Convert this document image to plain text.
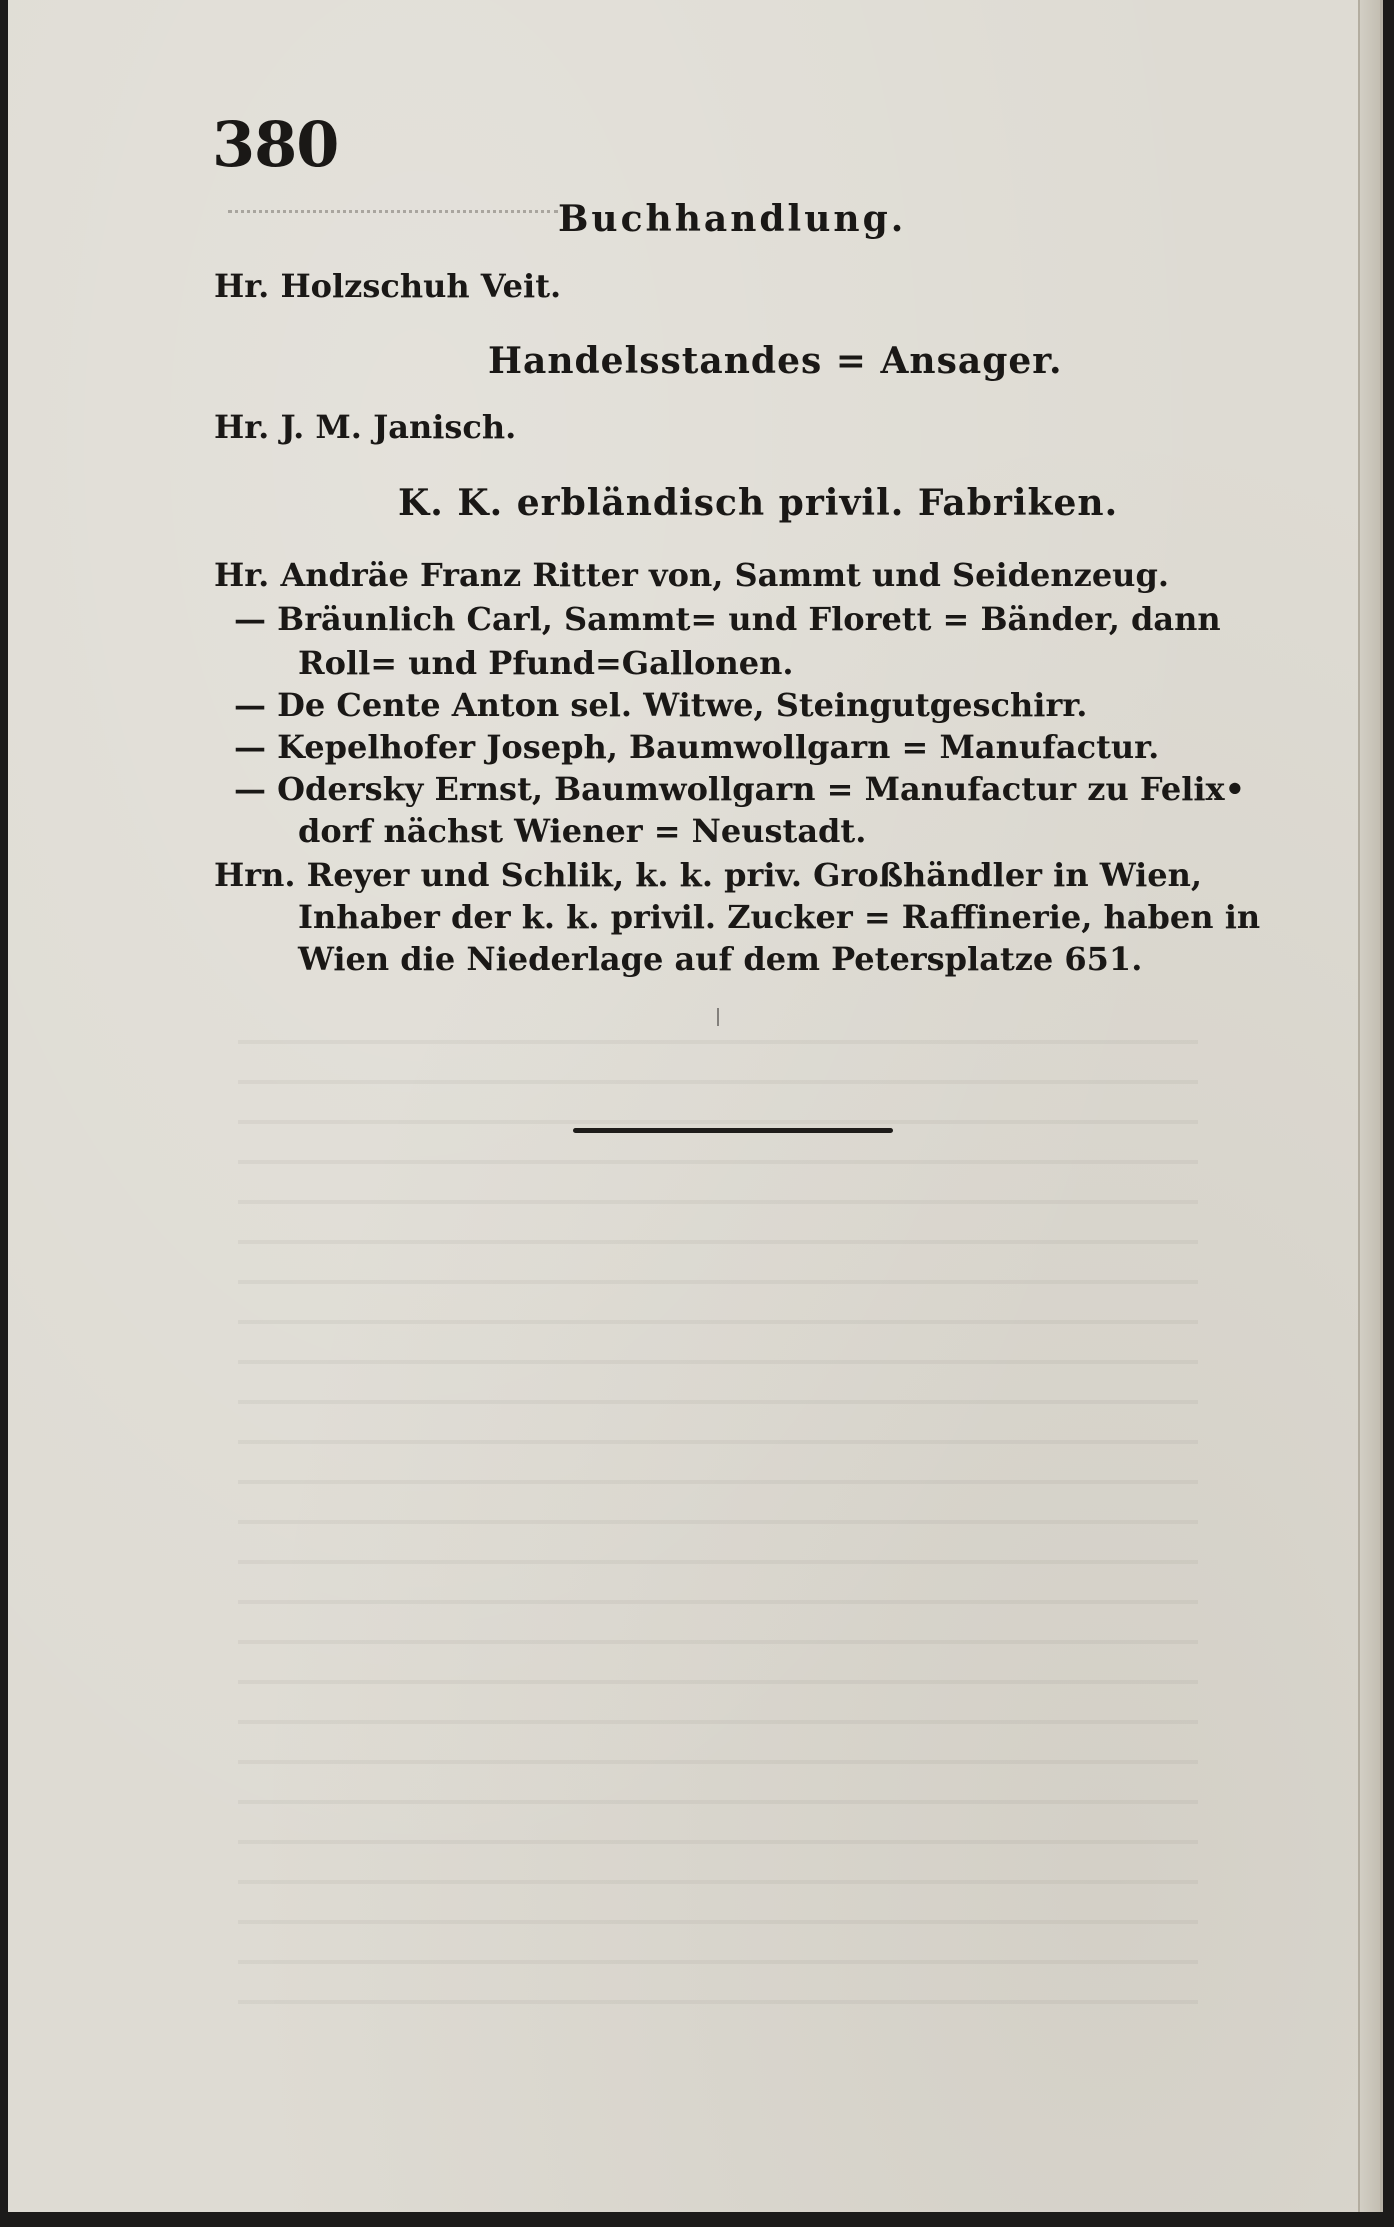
380
Buchhandlung.
Hr. Holzschuh Veit.
Handelsstandes = Ansager.
Hr. J. M. Janisch.
K. K. erbländisch privil. Fabriken.
Hr. Andräe Franz Ritter von, Sammt und Seidenzeug.
— Bräunlich Carl, Sammt= und Florett = Bänder, dann
Roll= und Pfund=Gallonen.
— De Cente Anton sel. Witwe, Steingutgeschirr.
— Kepelhofer Joseph, Baumwollgarn = Manufactur.
— Odersky Ernst, Baumwollgarn = Manufactur zu Felix•
dorf nächst Wiener = Neustadt.
Hrn. Reyer und Schlik, k. k. priv. Großhändler in Wien,
Inhaber der k. k. privil. Zucker = Raffinerie, haben in
Wien die Niederlage auf dem Petersplatze 651.
